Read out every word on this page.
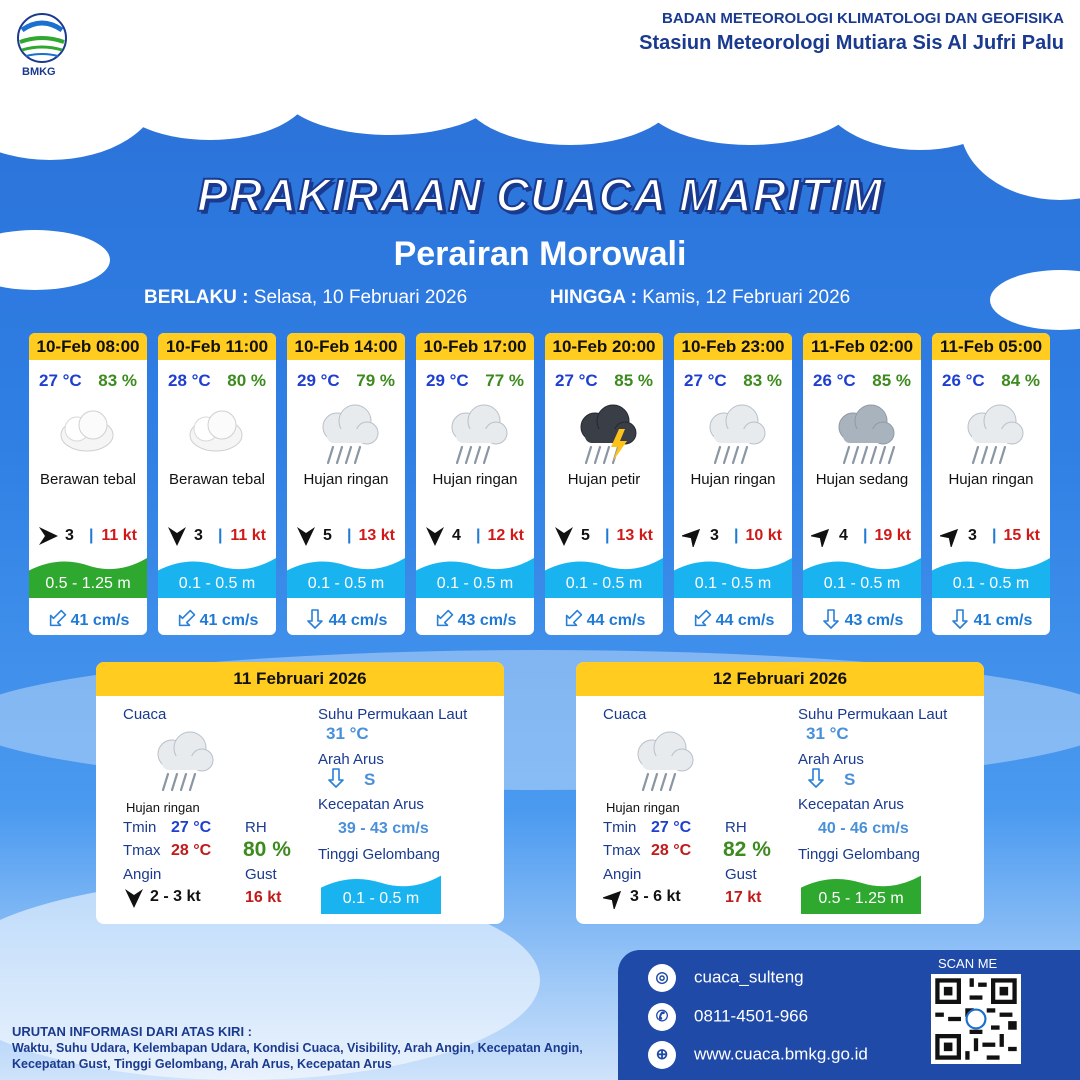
BMKG
BADAN METEOROLOGI KLIMATOLOGI DAN GEOFISIKA
Stasiun Meteorologi Mutiara Sis Al Jufri Palu
PRAKIRAAN CUACA MARITIM
Perairan Morowali
BERLAKU : Selasa, 10 Februari 2026	HINGGA : Kamis, 12 Februari 2026
10-Feb 08:00
27 °C 83 %
Berawan tebal
3 | 11 kt
0.5 - 1.25 m
41 cm/s
10-Feb 11:00
28 °C 80 %
Berawan tebal
3 | 11 kt
0.1 - 0.5 m
41 cm/s
10-Feb 14:00
29 °C 79 %
Hujan ringan
5 | 13 kt
0.1 - 0.5 m
44 cm/s
10-Feb 17:00
29 °C 77 %
Hujan ringan
4 | 12 kt
0.1 - 0.5 m
43 cm/s
10-Feb 20:00
27 °C 85 %
Hujan petir
5 | 13 kt
0.1 - 0.5 m
44 cm/s
10-Feb 23:00
27 °C 83 %
Hujan ringan
3 | 10 kt
0.1 - 0.5 m
44 cm/s
11-Feb 02:00
26 °C 85 %
Hujan sedang
4 | 19 kt
0.1 - 0.5 m
43 cm/s
11-Feb 05:00
26 °C 84 %
Hujan ringan
3 | 15 kt
0.1 - 0.5 m
41 cm/s
11 Februari 2026
Cuaca
Hujan ringan
Tmin 27 °C
Tmax 28 °C
Angin
2 - 3 kt
RH
80 %
Gust
16 kt
Suhu Permukaan Laut
31 °C
Arah Arus
S
Kecepatan Arus
39 - 43 cm/s
Tinggi Gelombang
0.1 - 0.5 m
12 Februari 2026
Cuaca
Hujan ringan
Tmin 27 °C
Tmax 28 °C
Angin
3 - 6 kt
RH
82 %
Gust
17 kt
Suhu Permukaan Laut
31 °C
Arah Arus
S
Kecepatan Arus
40 - 46 cm/s
Tinggi Gelombang
0.5 - 1.25 m
◎ cuaca_sulteng
✆ 0811-4501-966
⊕ www.cuaca.bmkg.go.id
SCAN ME
URUTAN INFORMASI DARI ATAS KIRI :
Waktu, Suhu Udara, Kelembapan Udara, Kondisi Cuaca, Visibility, Arah Angin, Kecepatan Angin, Kecepatan Gust, Tinggi Gelombang, Arah Arus, Kecepatan Arus
